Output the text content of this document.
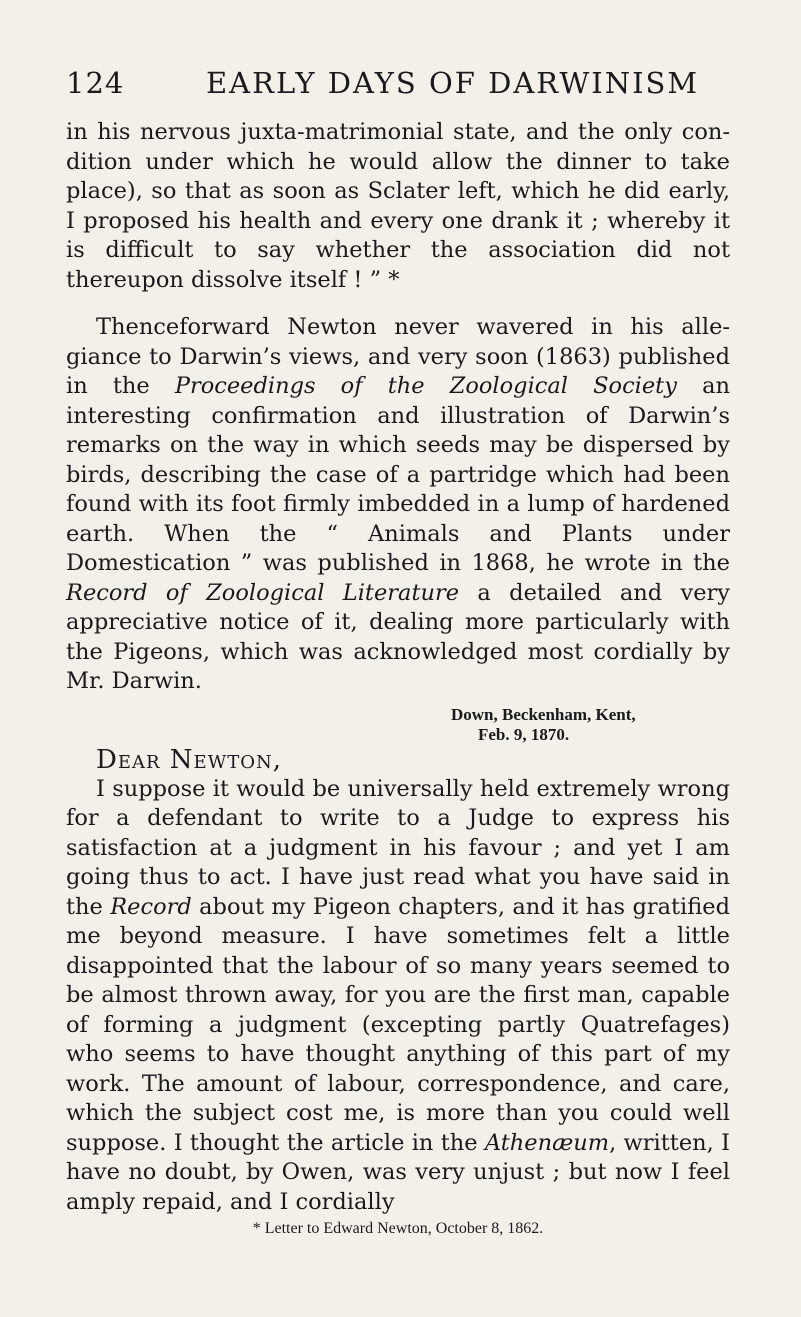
124	EARLY DAYS OF DARWINISM

in his nervous juxta-matrimonial state, and the only condition under which he would allow the dinner to take place), so that as soon as Sclater left, which he did early, I proposed his health and every one drank it ; whereby it is difficult to say whether the association did not thereupon dissolve itself ! ” *

Thenceforward Newton never wavered in his allegiance to Darwin’s views, and very soon (1863) published in the Proceedings of the Zoological Society an interesting confirmation and illustration of Darwin’s remarks on the way in which seeds may be dispersed by birds, describing the case of a partridge which had been found with its foot firmly imbedded in a lump of hardened earth. When the “ Animals and Plants under Domestication ” was published in 1868, he wrote in the Record of Zoological Literature a detailed and very appreciative notice of it, dealing more particularly with the Pigeons, which was acknowledged most cordially by Mr. Darwin.

Down, Beckenham, Kent,
Feb. 9, 1870.
Dear Newton,

I suppose it would be universally held extremely wrong for a defendant to write to a Judge to express his satisfaction at a judgment in his favour ; and yet I am going thus to act. I have just read what you have said in the Record about my Pigeon chapters, and it has gratified me beyond measure. I have sometimes felt a little disappointed that the labour of so many years seemed to be almost thrown away, for you are the first man, capable of forming a judgment (excepting partly Quatrefages) who seems to have thought anything of this part of my work. The amount of labour, correspondence, and care, which the subject cost me, is more than you could well suppose. I thought the article in the Athenæum, written, I have no doubt, by Owen, was very unjust ; but now I feel amply repaid, and I cordially

* Letter to Edward Newton, October 8, 1862.
